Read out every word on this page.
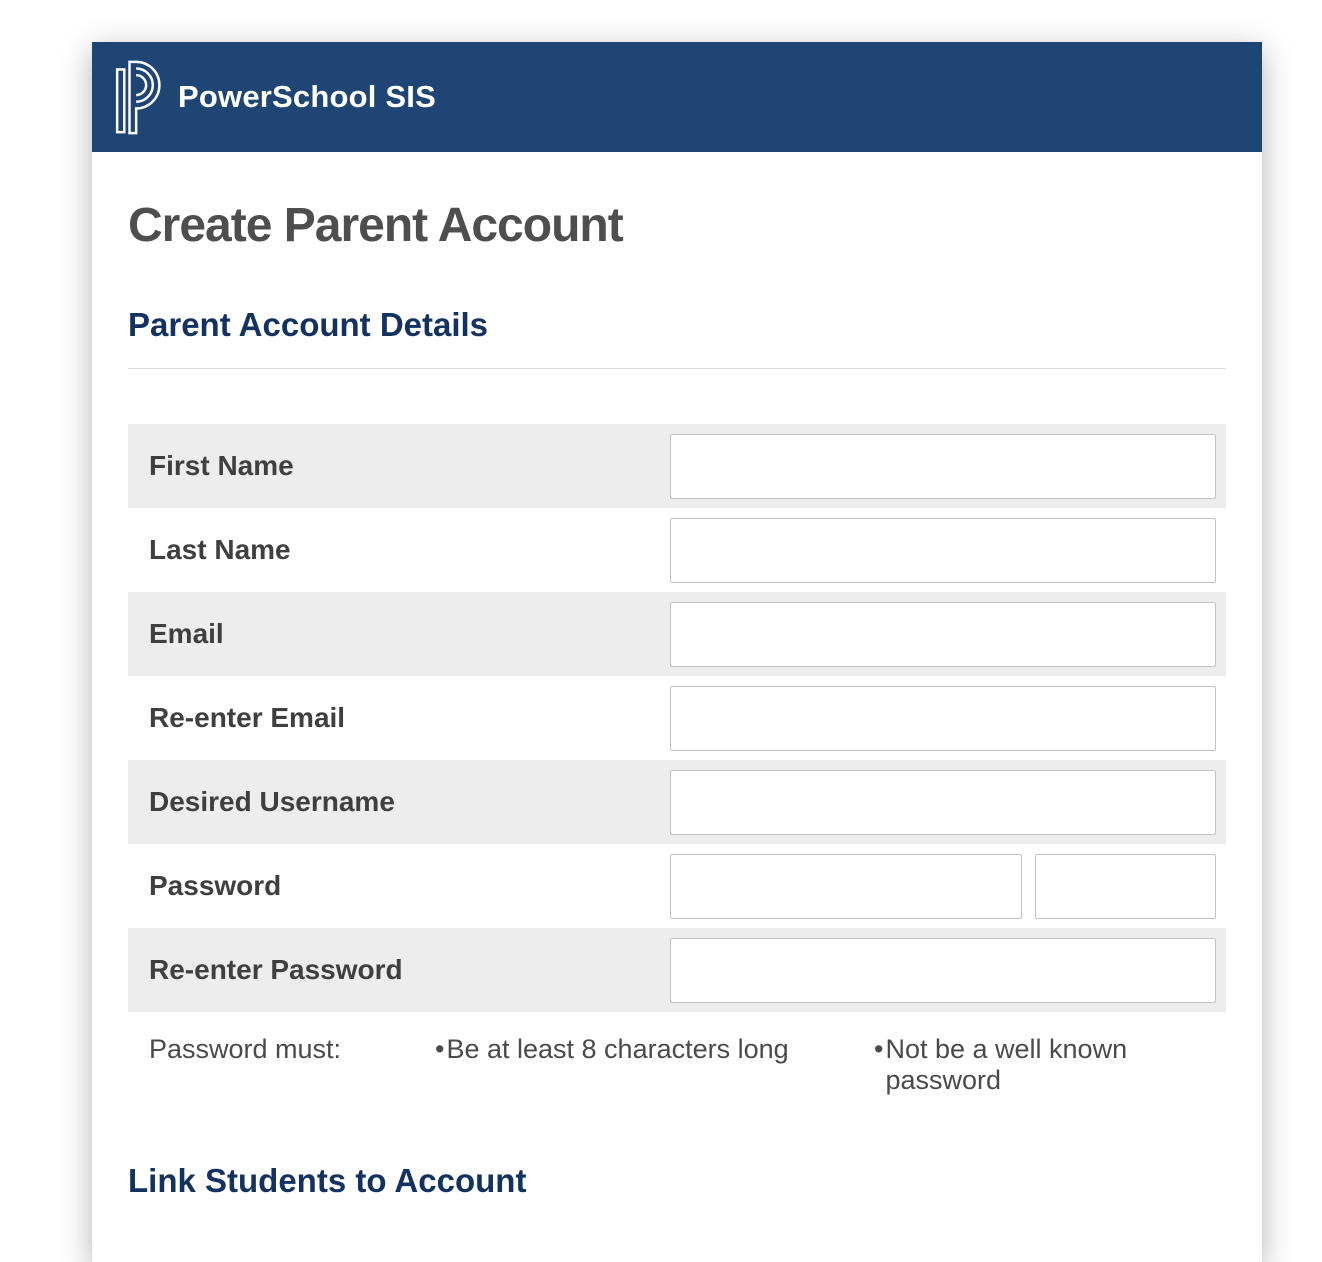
PowerSchool SIS
Create Parent Account
Parent Account Details
First Name
Last Name
Email
Re-enter Email
Desired Username
Password
Re-enter Password
Password must:	• Be at least 8 characters long	• Not be a well known password
Link Students to Account
